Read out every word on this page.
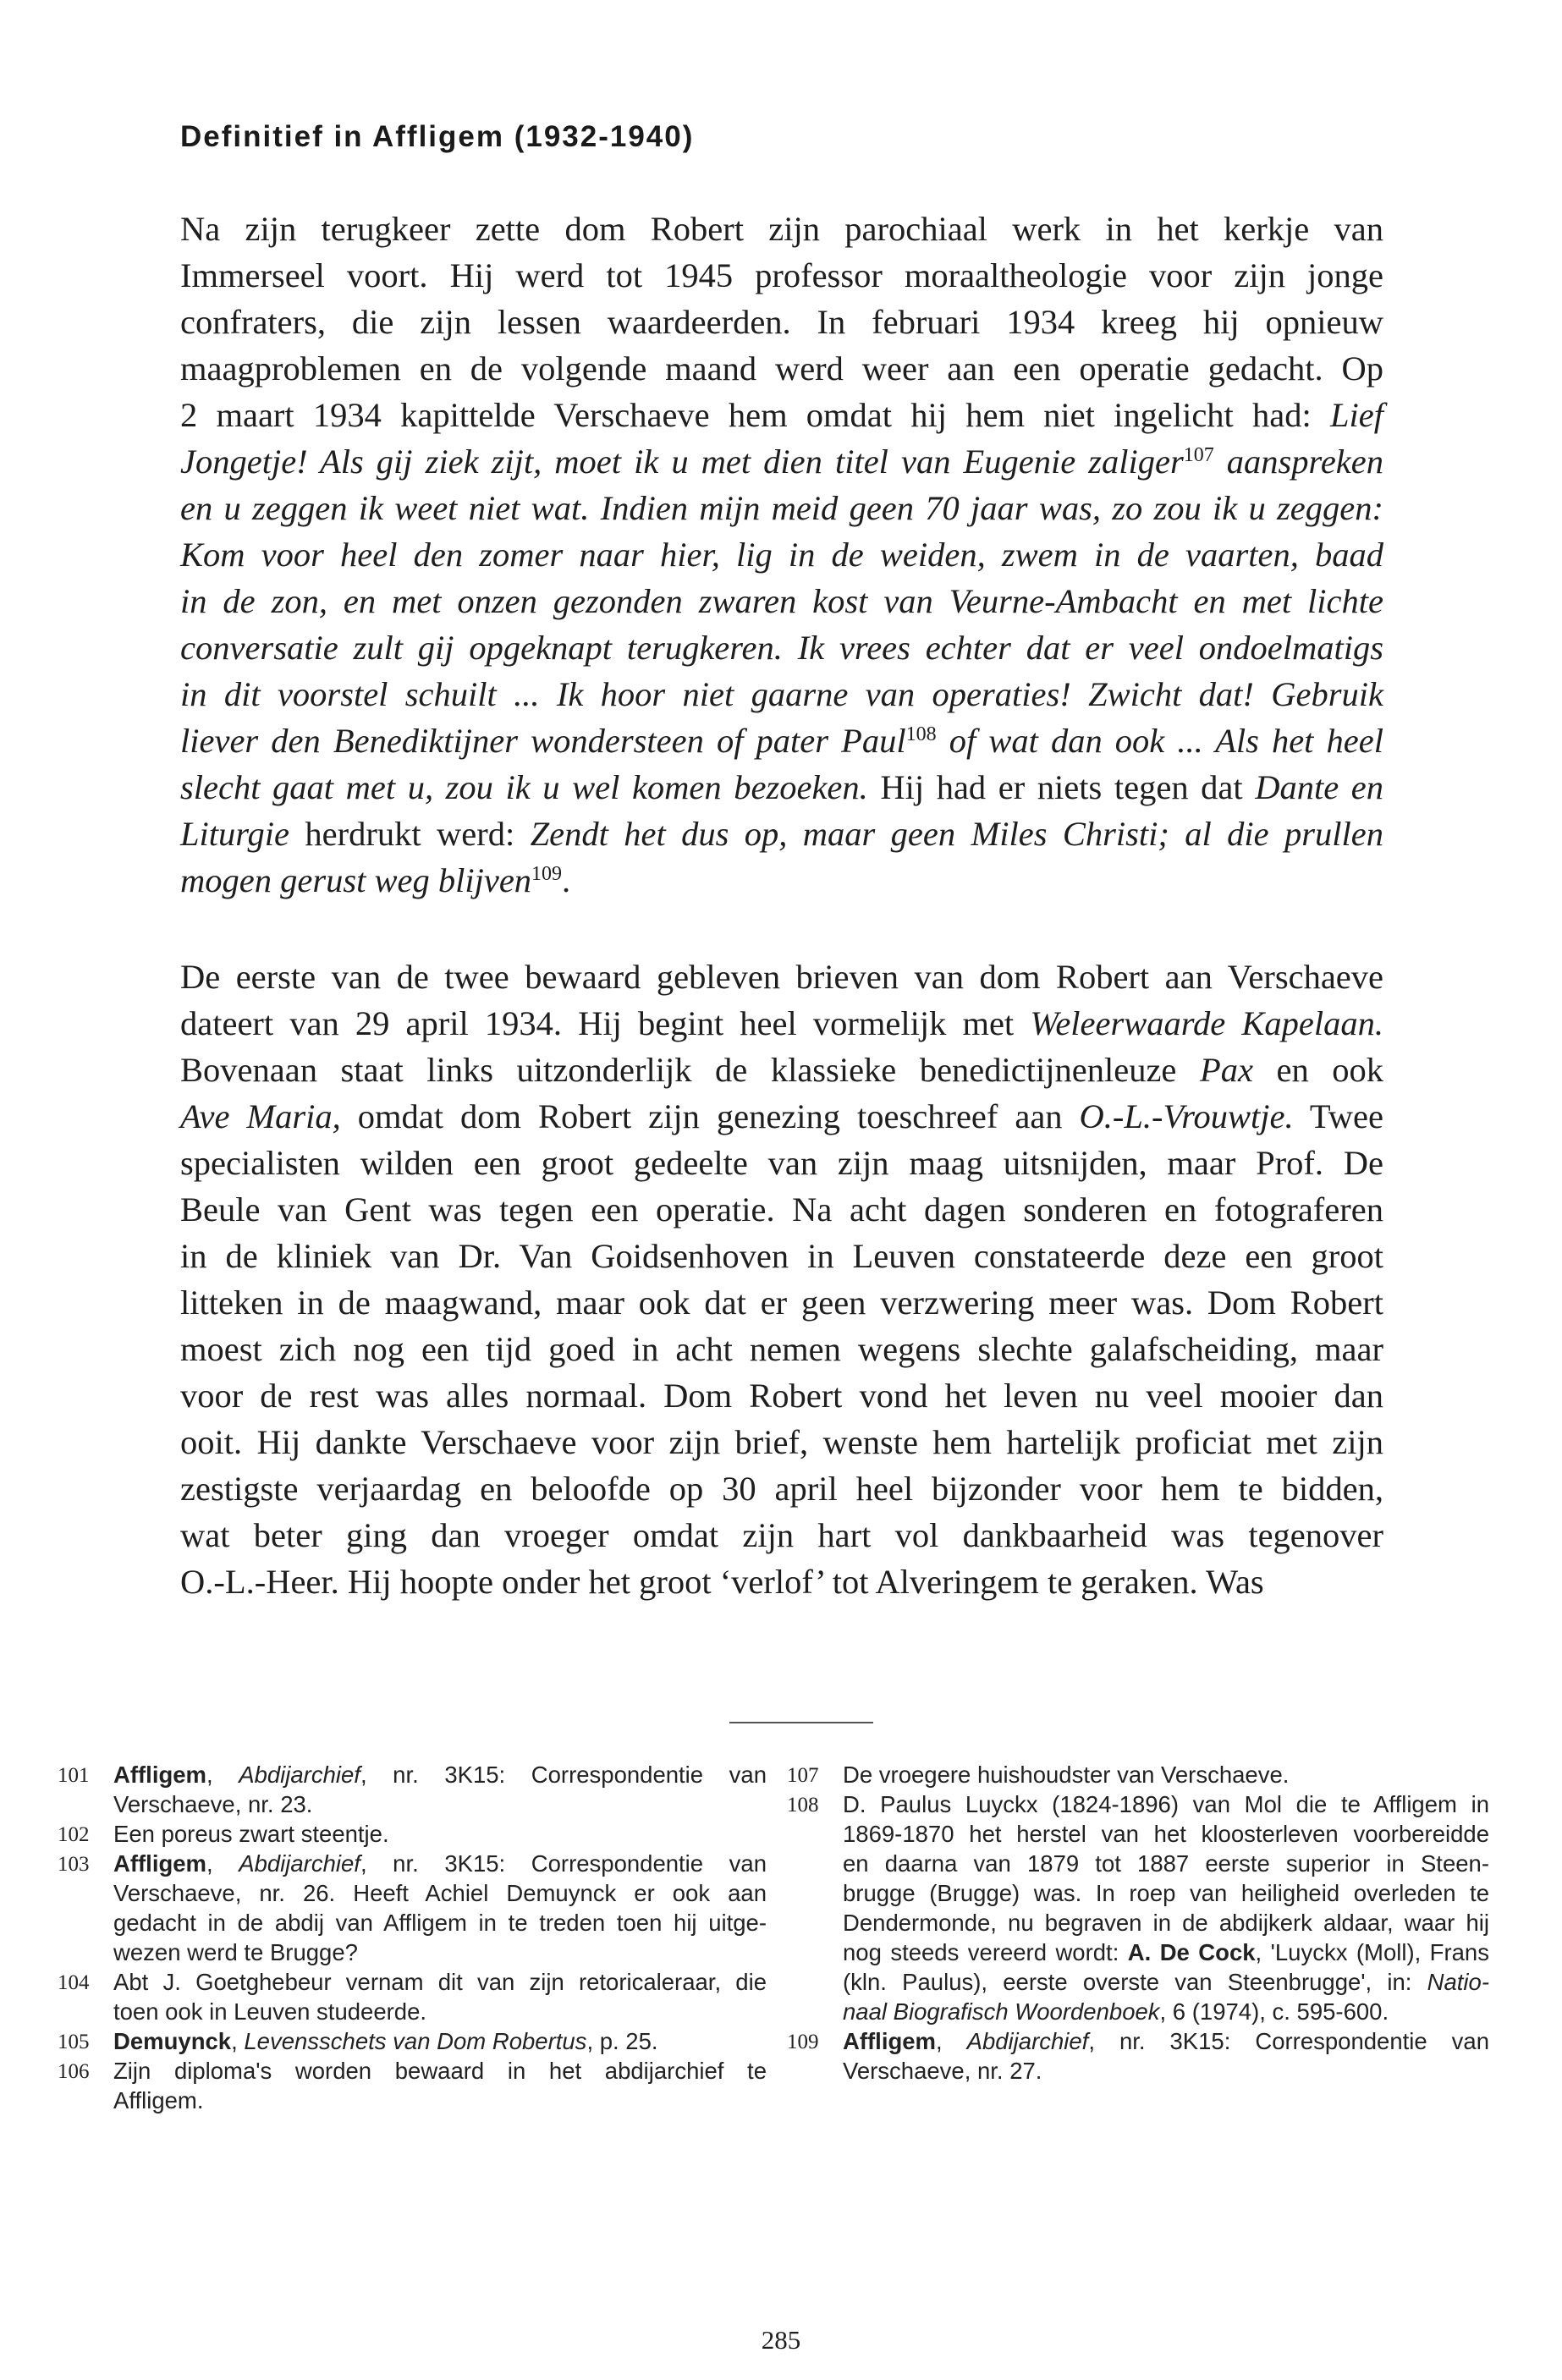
Definitief in Affligem (1932-1940)
Na zijn terugkeer zette dom Robert zijn parochiaal werk in het kerkje van
Immerseel voort. Hij werd tot 1945 professor moraaltheologie voor zijn jonge
confraters, die zijn lessen waardeerden. In februari 1934 kreeg hij opnieuw
maagproblemen en de volgende maand werd weer aan een operatie gedacht. Op
2 maart 1934 kapittelde Verschaeve hem omdat hij hem niet ingelicht had: Lief
Jongetje! Als gij ziek zijt, moet ik u met dien titel van Eugenie zaliger$^{107}$ aanspreken
en u zeggen ik weet niet wat. Indien mijn meid geen 70 jaar was, zo zou ik u zeggen:
Kom voor heel den zomer naar hier, lig in de weiden, zwem in de vaarten, baad
in de zon, en met onzen gezonden zwaren kost van Veurne-Ambacht en met lichte
conversatie zult gij opgeknapt terugkeren. Ik vrees echter dat er veel ondoelmatigs
in dit voorstel schuilt ... Ik hoor niet gaarne van operaties! Zwicht dat! Gebruik
liever den Benediktijner wondersteen of pater Paul$^{108}$ of wat dan ook ... Als het heel
slecht gaat met u, zou ik u wel komen bezoeken. Hij had er niets tegen dat Dante en
Liturgie herdrukt werd: Zendt het dus op, maar geen Miles Christi; al die prullen
mogen gerust weg blijven$^{109}$.
De eerste van de twee bewaard gebleven brieven van dom Robert aan Verschaeve
dateert van 29 april 1934. Hij begint heel vormelijk met Weleerwaarde Kapelaan.
Bovenaan staat links uitzonderlijk de klassieke benedictijnenleuze Pax en ook
Ave Maria, omdat dom Robert zijn genezing toeschreef aan O.-L.-Vrouwtje. Twee
specialisten wilden een groot gedeelte van zijn maag uitsnijden, maar Prof. De
Beule van Gent was tegen een operatie. Na acht dagen sonderen en fotograferen
in de kliniek van Dr. Van Goidsenhoven in Leuven constateerde deze een groot
litteken in de maagwand, maar ook dat er geen verzwering meer was. Dom Robert
moest zich nog een tijd goed in acht nemen wegens slechte galafscheiding, maar
voor de rest was alles normaal. Dom Robert vond het leven nu veel mooier dan
ooit. Hij dankte Verschaeve voor zijn brief, wenste hem hartelijk proficiat met zijn
zestigste verjaardag en beloofde op 30 april heel bijzonder voor hem te bidden,
wat beter ging dan vroeger omdat zijn hart vol dankbaarheid was tegenover
O.-L.-Heer. Hij hoopte onder het groot ‘verlof’ tot Alveringem te geraken. Was
101 Affligem, Abdijarchief, nr. 3K15: Correspondentie van
Verschaeve, nr. 23.
102 Een poreus zwart steentje.
103 Affligem, Abdijarchief, nr. 3K15: Correspondentie van
Verschaeve, nr. 26. Heeft Achiel Demuynck er ook aan
gedacht in de abdij van Affligem in te treden toen hij uitge-
wezen werd te Brugge?
104 Abt J. Goetghebeur vernam dit van zijn retoricaleraar, die
toen ook in Leuven studeerde.
105 Demuynck, Levensschets van Dom Robertus, p. 25.
106 Zijn diploma's worden bewaard in het abdijarchief te
Affligem.
107 De vroegere huishoudster van Verschaeve.
108 D. Paulus Luyckx (1824-1896) van Mol die te Affligem in
1869-1870 het herstel van het kloosterleven voorbereidde
en daarna van 1879 tot 1887 eerste superior in Steen-
brugge (Brugge) was. In roep van heiligheid overleden te
Dendermonde, nu begraven in de abdijkerk aldaar, waar hij
nog steeds vereerd wordt: A. De Cock, 'Luyckx (Moll), Frans
(kln. Paulus), eerste overste van Steenbrugge', in: Natio-
naal Biografisch Woordenboek, 6 (1974), c. 595-600.
109 Affligem, Abdijarchief, nr. 3K15: Correspondentie van
Verschaeve, nr. 27.
285
